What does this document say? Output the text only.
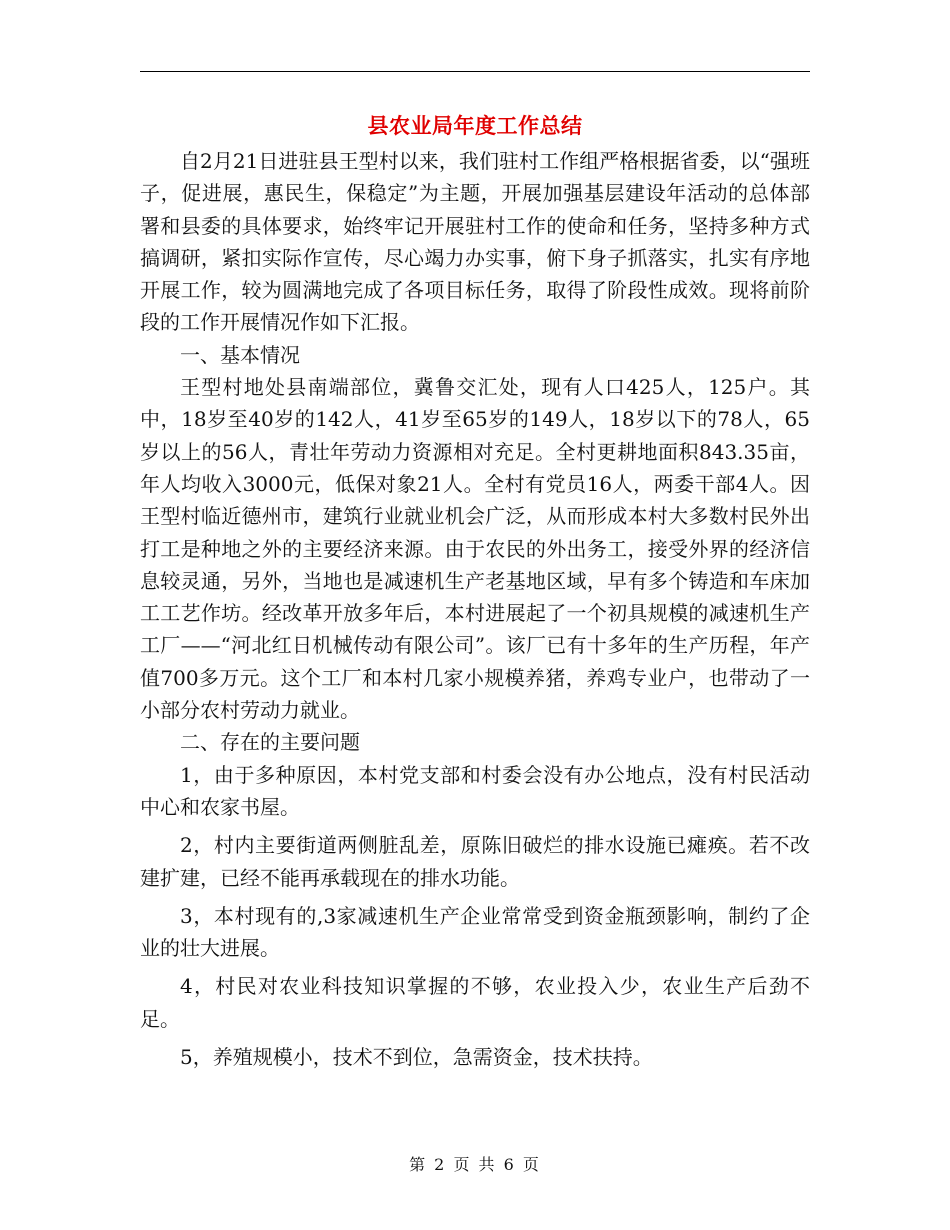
县农业局年度工作总结

自2月21日进驻县王型村以来，我们驻村工作组严格根据省委，以“强班子，促进展，惠民生，保稳定”为主题，开展加强基层建设年活动的总体部署和县委的具体要求，始终牢记开展驻村工作的使命和任务，坚持多种方式搞调研，紧扣实际作宣传，尽心竭力办实事，俯下身子抓落实，扎实有序地开展工作，较为圆满地完成了各项目标任务，取得了阶段性成效。现将前阶段的工作开展情况作如下汇报。

一、基本情况

王型村地处县南端部位，冀鲁交汇处，现有人口425人，125户。其中，18岁至40岁的142人，41岁至65岁的149人，18岁以下的78人，65岁以上的56人，青壮年劳动力资源相对充足。全村更耕地面积843.35亩，年人均收入3000元，低保对象21人。全村有党员16人，两委干部4人。因王型村临近德州市，建筑行业就业机会广泛，从而形成本村大多数村民外出打工是种地之外的主要经济来源。由于农民的外出务工，接受外界的经济信息较灵通，另外，当地也是减速机生产老基地区域，早有多个铸造和车床加工工艺作坊。经改革开放多年后，本村进展起了一个初具规模的减速机生产工厂——“河北红日机械传动有限公司”。该厂已有十多年的生产历程，年产值700多万元。这个工厂和本村几家小规模养猪，养鸡专业户，也带动了一小部分农村劳动力就业。

二、存在的主要问题

1，由于多种原因，本村党支部和村委会没有办公地点，没有村民活动中心和农家书屋。

2，村内主要街道两侧脏乱差，原陈旧破烂的排水设施已瘫痪。若不改建扩建，已经不能再承载现在的排水功能。

3，本村现有的,3家减速机生产企业常常受到资金瓶颈影响，制约了企业的壮大进展。

4，村民对农业科技知识掌握的不够，农业投入少，农业生产后劲不足。

5，养殖规模小，技术不到位，急需资金，技术扶持。

第 2 页 共 6 页
